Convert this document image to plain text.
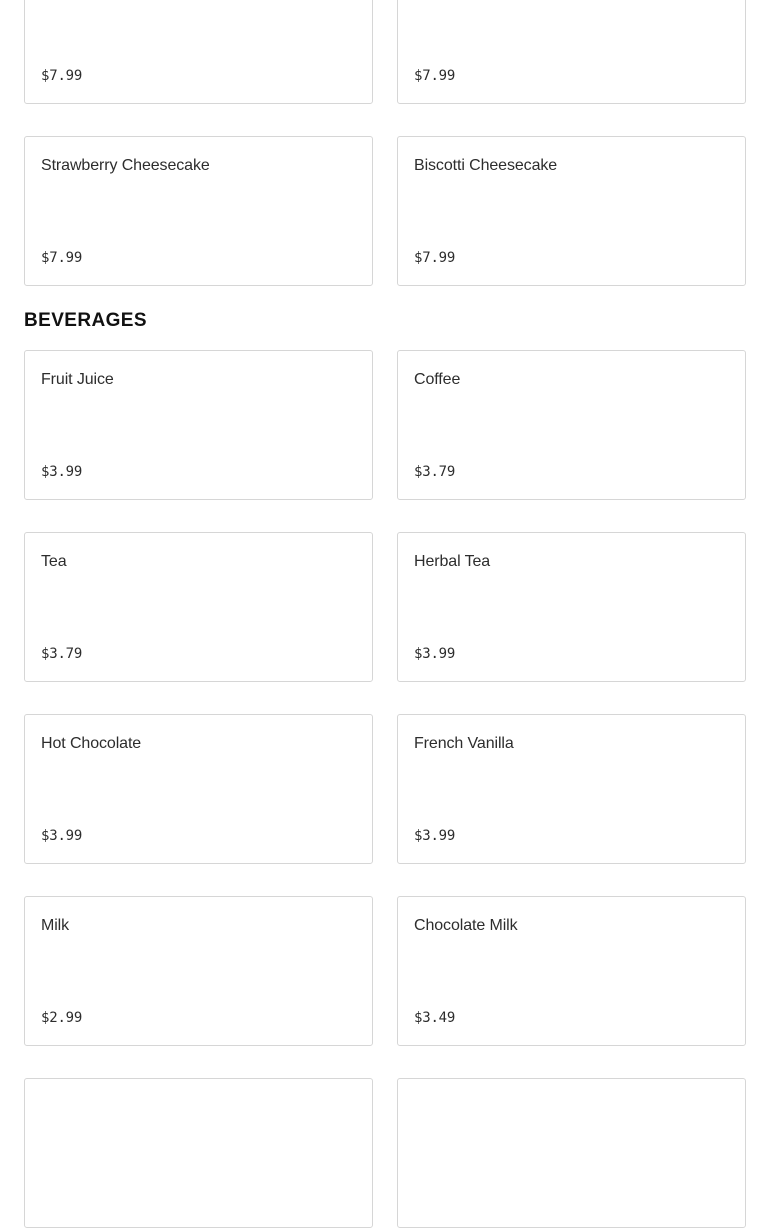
$7.99	$7.99
Strawberry Cheesecake
$7.99
Biscotti Cheesecake
$7.99
BEVERAGES
Fruit Juice
$3.99
Coffee
$3.79
Tea
$3.79
Herbal Tea
$3.99
Hot Chocolate
$3.99
French Vanilla
$3.99
Milk
$2.99
Chocolate Milk
$3.49
